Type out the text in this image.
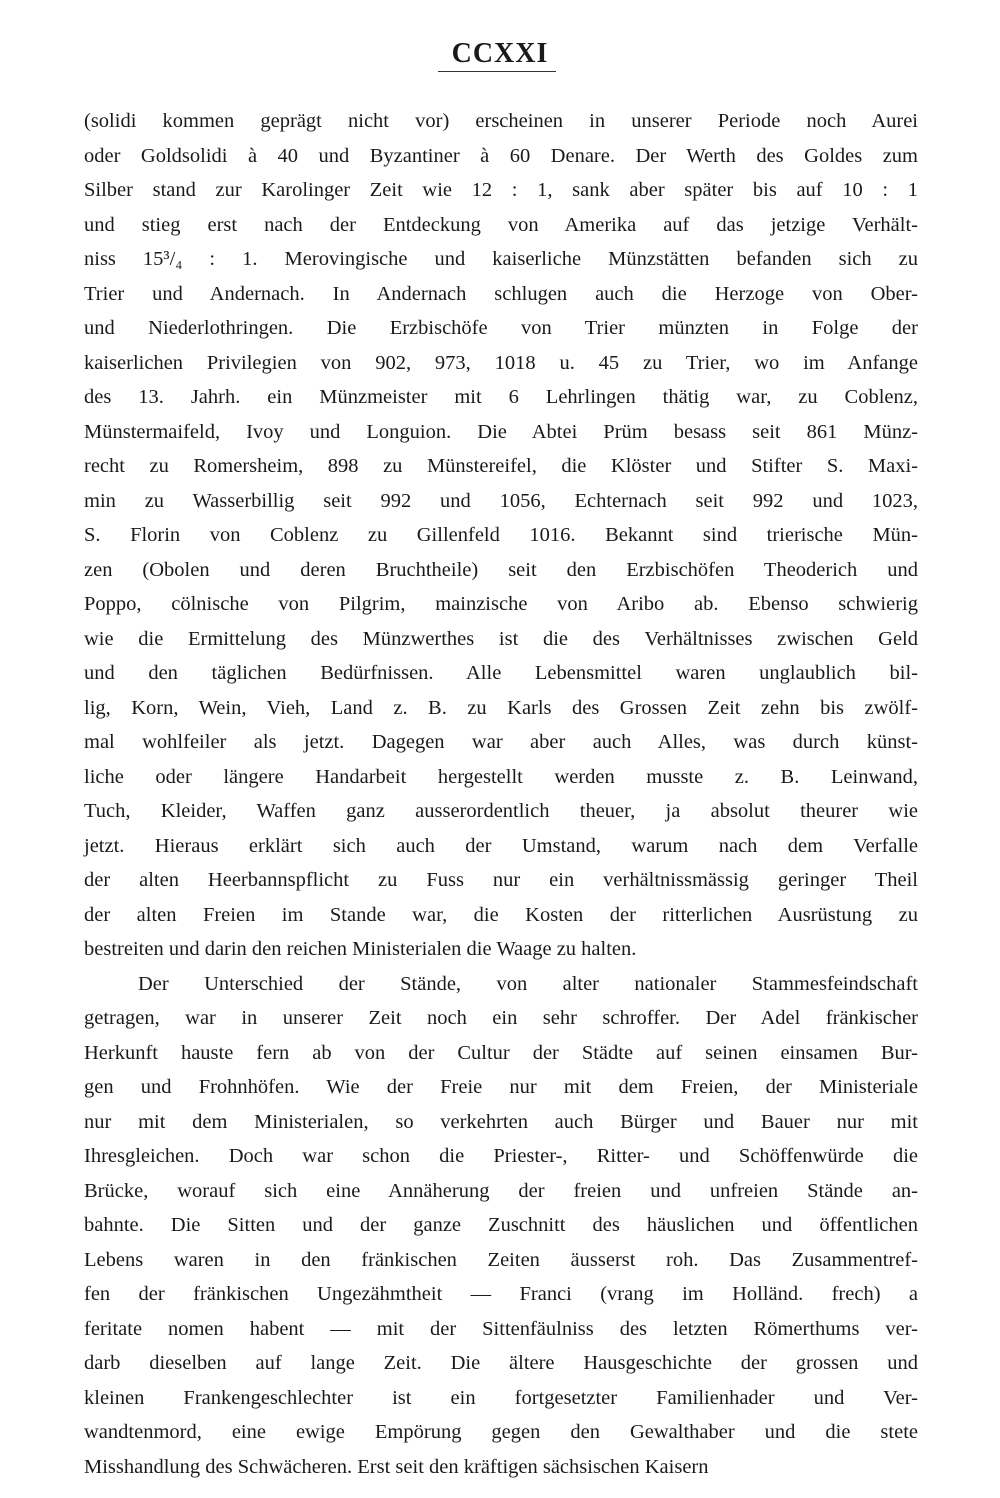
CCXXI
(solidi kommen geprägt nicht vor) erscheinen in unserer Periode noch Aurei
oder Goldsolidi à 40 und Byzantiner à 60 Denare. Der Werth des Goldes zum
Silber stand zur Karolinger Zeit wie 12 : 1, sank aber später bis auf 10 : 1
und stieg erst nach der Entdeckung von Amerika auf das jetzige Verhält-
niss 15³/₄ : 1. Merovingische und kaiserliche Münzstätten befanden sich zu
Trier und Andernach. In Andernach schlugen auch die Herzoge von Ober-
und Niederlothringen. Die Erzbischöfe von Trier münzten in Folge der
kaiserlichen Privilegien von 902, 973, 1018 u. 45 zu Trier, wo im Anfange
des 13. Jahrh. ein Münzmeister mit 6 Lehrlingen thätig war, zu Coblenz,
Münstermaifeld, Ivoy und Longuion. Die Abtei Prüm besass seit 861 Münz-
recht zu Romersheim, 898 zu Münstereifel, die Klöster und Stifter S. Maxi-
min zu Wasserbillig seit 992 und 1056, Echternach seit 992 und 1023,
S. Florin von Coblenz zu Gillenfeld 1016. Bekannt sind trierische Mün-
zen (Obolen und deren Bruchtheile) seit den Erzbischöfen Theoderich und
Poppo, cölnische von Pilgrim, mainzische von Aribo ab. Ebenso schwierig
wie die Ermittelung des Münzwerthes ist die des Verhältnisses zwischen Geld
und den täglichen Bedürfnissen. Alle Lebensmittel waren unglaublich bil-
lig, Korn, Wein, Vieh, Land z. B. zu Karls des Grossen Zeit zehn bis zwölf-
mal wohlfeiler als jetzt. Dagegen war aber auch Alles, was durch künst-
liche oder längere Handarbeit hergestellt werden musste z. B. Leinwand,
Tuch, Kleider, Waffen ganz ausserordentlich theuer, ja absolut theurer wie
jetzt. Hieraus erklärt sich auch der Umstand, warum nach dem Verfalle
der alten Heerbannspflicht zu Fuss nur ein verhältnissmässig geringer Theil
der alten Freien im Stande war, die Kosten der ritterlichen Ausrüstung zu
bestreiten und darin den reichen Ministerialen die Waage zu halten.
Der Unterschied der Stände, von alter nationaler Stammesfeindschaft
getragen, war in unserer Zeit noch ein sehr schroffer. Der Adel fränkischer
Herkunft hauste fern ab von der Cultur der Städte auf seinen einsamen Bur-
gen und Frohnhöfen. Wie der Freie nur mit dem Freien, der Ministeriale
nur mit dem Ministerialen, so verkehrten auch Bürger und Bauer nur mit
Ihresgleichen. Doch war schon die Priester-, Ritter- und Schöffenwürde die
Brücke, worauf sich eine Annäherung der freien und unfreien Stände an-
bahnte. Die Sitten und der ganze Zuschnitt des häuslichen und öffentlichen
Lebens waren in den fränkischen Zeiten äusserst roh. Das Zusammentref-
fen der fränkischen Ungezähmtheit — Franci (vrang im Holländ. frech) a
feritate nomen habent — mit der Sittenfäulniss des letzten Römerthums ver-
darb dieselben auf lange Zeit. Die ältere Hausgeschichte der grossen und
kleinen Frankengeschlechter ist ein fortgesetzter Familienhader und Ver-
wandtenmord, eine ewige Empörung gegen den Gewalthaber und die stete
Misshandlung des Schwächeren. Erst seit den kräftigen sächsischen Kaisern
